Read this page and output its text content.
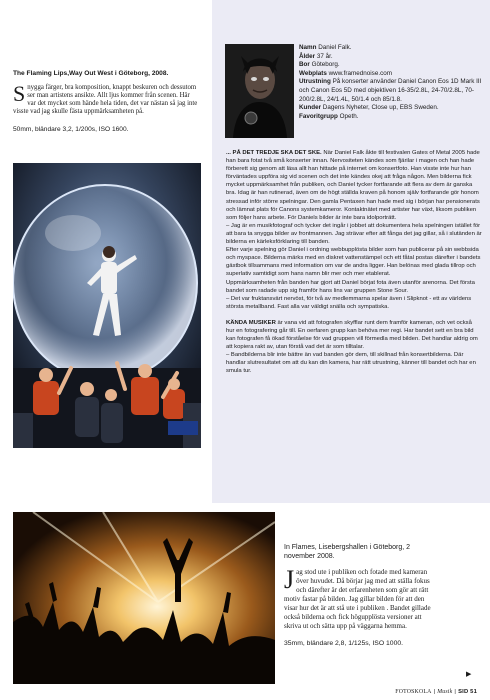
The Flaming Lips,Way Out West i Göteborg, 2008.
Snygga färger, bra komposition, knappt beskuren och dessutom ser man artistens ansikte. Allt ljus kommer från scenen. Här var det mycket som hände hela tiden, det var nästan så jag inte visste vad jag skulle fästa uppmärksamheten på.
50mm, bländare 3,2, 1/200s, ISO 1600.
Namn Daniel Falk.
Ålder 37 år.
Bor Göteborg.
Webplats www.framednoise.com
Utrustning På konserter använder Daniel Canon Eos 1D Mark III och Canon Eos 5D med objektiven 16-35/2.8L, 24-70/2.8L, 70-200/2.8L, 24/1.4L, 50/1.4 och 85/1.8.
Kunder Dagens Nyheter, Close up, EBS Sweden.
Favoritgrupp Opeth.

... PÅ DET TREDJE SKA DET SKE. När Daniel Falk åkte till festivalen Gates of Metal 2005 hade han bara fotat två små konserter innan. Nervositeten kändes som fjärilar i magen och han hade förberett sig genom att läsa allt han hittade på internet om konsertfoto. Han visste inte hur han förväntades uppföra sig vid scenen och det inte kändes okej att fråga någon. Men bilderna fick mycket uppmärksamhet från publiken, och Daniel tycker fortfarande att flera av dem är ganska bra. Idag är han rutinerad, även om de högt ställda kraven på honom själv fortfarande gör honom stressad inför större spelningar. Den gamla Pentaxen han hade med sig i början har pensionerats och lämnat plats för Canons systemkameror. Kontaktnätet med artister har växt, liksom publiken som följer hans arbete. För Daniels bilder är inte bara idolporträtt.

– Jag är en musikfotograf och tycker det ingår i jobbet att dokumentera hela spelningen istället för att bara ta snygga bilder av frontmannen. Jag strävar efter att fånga det jag gillar, så i slutänden är bilderna en kärleksförklaring till banden.

Efter varje spelning gör Daniel i ordning webbupplösta bilder som han publicerar på sin webbsida och myspace. Bilderna märks med en diskret vattenstämpel och ett fåtal postas därefter i bandets gästbok tillsammans med information om var de andra ligger. Han belönas med glada tillrop och superlativ samtidigt som hans namn blir mer och mer etablerat.

Uppmärksamheten från banden har gjort att Daniel börjat fota även utanför arenorna. Det första bandet som radade upp sig framför hans lins var gruppen Stone Sour.

– Det var fruktansvärt nervöst, för två av medlemmarna spelar även i Slipknot - ett av världens största metallband. Fast alla var väldigt snälla och sympatiska.

KÄNDA MUSIKER är vana vid att fotografen skyfflar runt dem framför kameran, och vet också hur en fotografering går till. En oerfaren grupp kan behöva mer regi. Har bandet sett en bra bild kan fotografen få ökad förståelse för vad gruppen vill förmedla med bilden. Det handlar aldrig om att kopiera rakt av, utan förstå vad det är som tilltalar.

– Bandbilderna blir inte bättre än vad banden gör dem, till skillnad från konsertbilderna. Där handlar slutresultatet om att du kan din kamera, har rätt utrustning, känner till bandet och har en smula tur.

In Flames, Lisebergshallen i Göteborg, 2 november 2008.
Jag stod ute i publiken och fotade med kameran över huvudet. Då börjar jag med att ställa fokus och därefter är det erfarenheten som gör att rätt motiv fastar på bilden. Jag gillar bilden för att den visar hur det är att stå ute i publiken . Bandet gillade också bilderna och fick högupplösta versioner att skriva ut och sätta upp på väggarna hemma.
35mm, bländare 2,8, 1/125s, ISO 1000.
▶
FOTOSKOLA | Musik | SID 51
